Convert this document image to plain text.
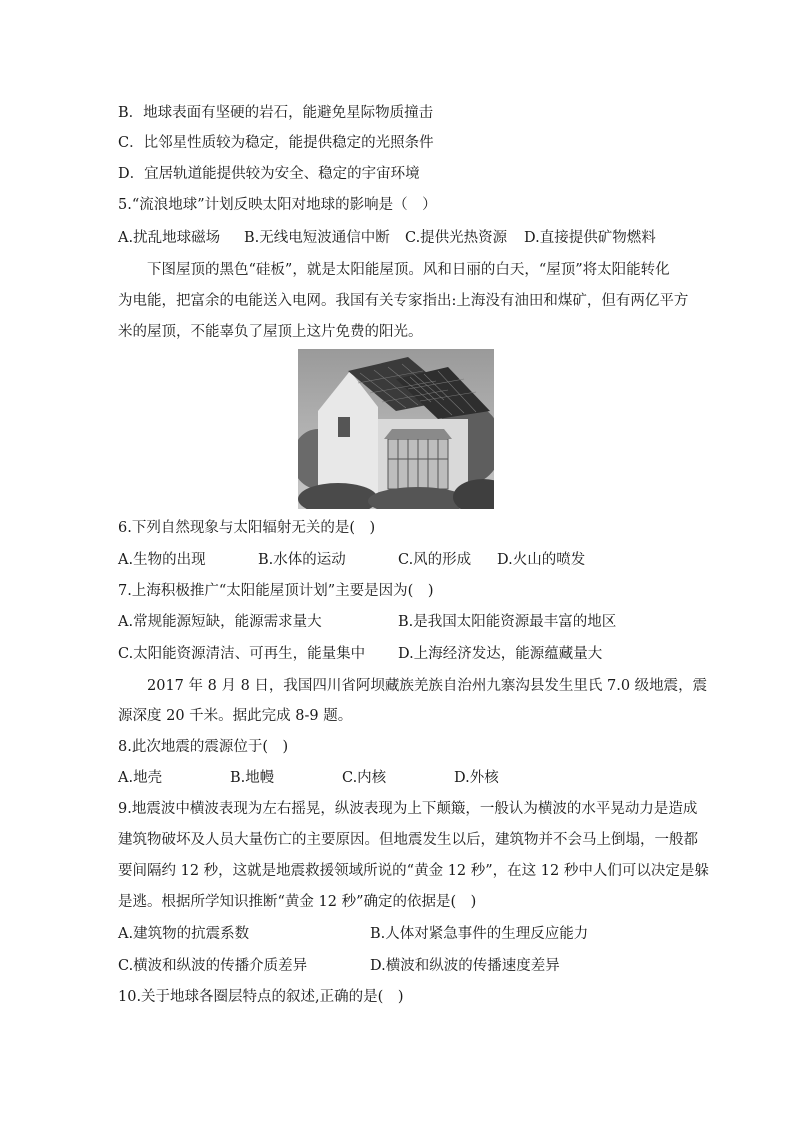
B．地球表面有坚硬的岩石，能避免星际物质撞击
C．比邻星性质较为稳定，能提供稳定的光照条件
D．宜居轨道能提供较为安全、稳定的宇宙环境
5.“流浪地球”计划反映太阳对地球的影响是（　）
A.扰乱地球磁场 B.无线电短波通信中断 C.提供光热资源 D.直接提供矿物燃料
下图屋顶的黑色“硅板”，就是太阳能屋顶。风和日丽的白天，“屋顶”将太阳能转化
为电能，把富余的电能送入电网。我国有关专家指出:上海没有油田和煤矿，但有两亿平方
米的屋顶，不能辜负了屋顶上这片免费的阳光。
6.下列自然现象与太阳辐射无关的是(　)
A.生物的出现	B.水体的运动	C.风的形成 D.火山的喷发
7.上海积极推广“太阳能屋顶计划”主要是因为(　)
A.常规能源短缺，能源需求量大	B.是我国太阳能资源最丰富的地区
C.太阳能资源清洁、可再生，能量集中 D.上海经济发达，能源蕴藏量大
2017 年 8 月 8 日，我国四川省阿坝藏族羌族自治州九寨沟县发生里氏 7.0 级地震，震
源深度 20 千米。据此完成 8-9 题。
8.此次地震的震源位于(　)
A.地壳	B.地幔	C.内核	D.外核
9.地震波中横波表现为左右摇晃，纵波表现为上下颠簸，一般认为横波的水平晃动力是造成
建筑物破坏及人员大量伤亡的主要原因。但地震发生以后，建筑物并不会马上倒塌，一般都
要间隔约 12 秒，这就是地震救援领域所说的“黄金 12 秒”，在这 12 秒中人们可以决定是躲
是逃。根据所学知识推断“黄金 12 秒”确定的依据是(　)
A.建筑物的抗震系数	B.人体对紧急事件的生理反应能力
C.横波和纵波的传播介质差异	D.横波和纵波的传播速度差异
10.关于地球各圈层特点的叙述,正确的是(　)
